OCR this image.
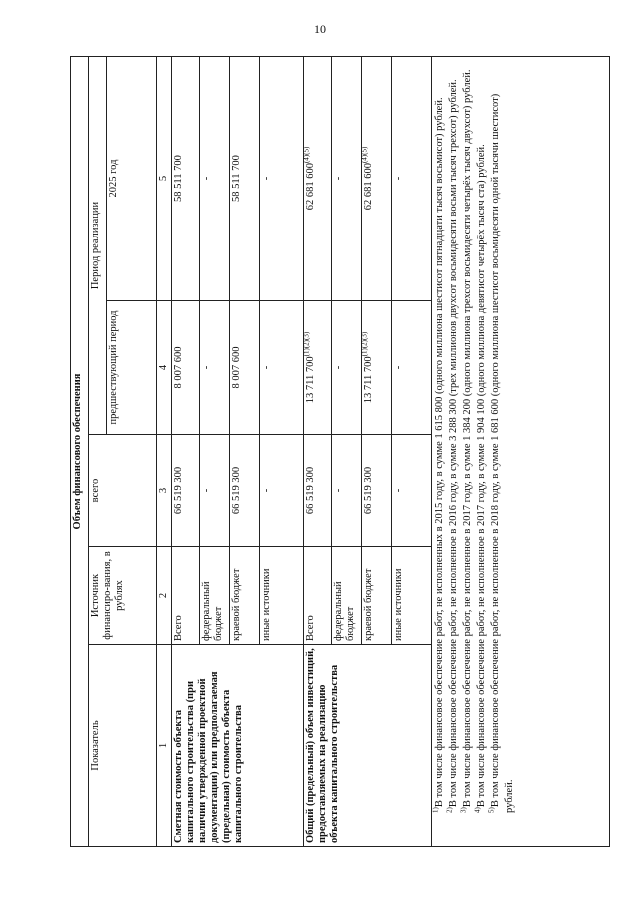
10
Объем финансового обеспечения				
Показатель	Источник финансиро-вания, в рублях	всего	Период реализации	
			предшествующий период	2025 год
1	2	3	4	5
Сметная стоимость объекта капитального строительства (при наличии утвержденной проектной документации) или предполагаемая (предельная) стоимость объекта капитального строительства	Всего	66 519 300	8 007 600	58 511 700
	федеральный бюджет	-	-	-
	краевой бюджет	66 519 300	8 007 600	58 511 700
	иные источники	-	-	-
Общий (предельный) объем инвестиций, предоставляемых на реализацию объекта капитального строительства	Всего	66 519 300	13 711 $700^{(1)(2)(3)}$	62 681 $600^{(4)(5)}$
	федеральный бюджет	-	-	-
	краевой бюджет	66 519 300	13 711 $700^{(1)(2)(3)}$	62 681 $600^{(4)(5)}$
	иные источники	-	-	-

$^{1)}$В том числе финансовое обеспечение работ, не исполненных в 2015 году, в сумме 1 615 800 (одного миллиона шестисот пятнадцати тысяч восьмисот) рублей.
$^{2)}$В том числе финансовое обеспечение работ, не исполненное в 2016 году, в сумме 3 288 300 (трех миллионов двухсот восьмидесяти восьми тысяч трехсот) рублей.
$^{3)}$В том числе финансовое обеспечение работ, не исполненное в 2017 году, в сумме 1 384 200 (одного миллиона трехсот восьмидесяти четырёх тысяч двухсот) рублей.
$^{4)}$В том числе финансовое обеспечение работ, не исполненное в 2017 году, в сумме 1 904 100 (одного миллиона девятисот четырёх тысяч ста) рублей.
$^{5)}$В том числе финансовое обеспечение работ, не исполненное в 2018 году, в сумме 1 681 600 (одного миллиона шестисот восьмидесяти одной тысячи шестисот) рублей.				
